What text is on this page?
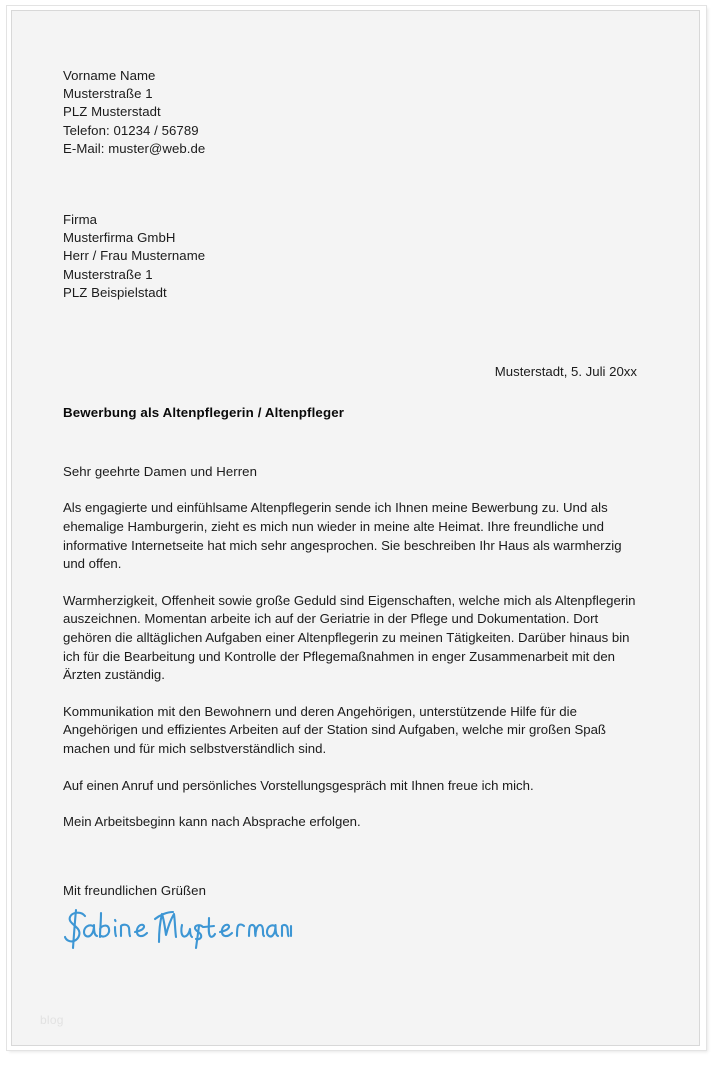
Vorname Name
Musterstraße 1
PLZ Musterstadt
Telefon: 01234 / 56789
E-Mail: muster@web.de
Firma
Musterfirma GmbH
Herr / Frau Mustername
Musterstraße 1
PLZ Beispielstadt
Musterstadt, 5. Juli 20xx
Bewerbung als Altenpflegerin / Altenpfleger
Sehr geehrte Damen und Herren
Als engagierte und einfühlsame Altenpflegerin sende ich Ihnen meine Bewerbung zu. Und als ehemalige Hamburgerin, zieht es mich nun wieder in meine alte Heimat. Ihre freundliche und informative Internetseite hat mich sehr angesprochen. Sie beschreiben Ihr Haus als warmherzig und offen.
Warmherzigkeit, Offenheit sowie große Geduld sind Eigenschaften, welche mich als Altenpflegerin auszeichnen. Momentan arbeite ich auf der Geriatrie in der Pflege und Dokumentation. Dort gehören die alltäglichen Aufgaben einer Altenpflegerin zu meinen Tätigkeiten. Darüber hinaus bin ich für die Bearbeitung und Kontrolle der Pflegemaßnahmen in enger Zusammenarbeit mit den Ärzten zuständig.
Kommunikation mit den Bewohnern und deren Angehörigen, unterstützende Hilfe für die Angehörigen und effizientes Arbeiten auf der Station sind Aufgaben, welche mir großen Spaß machen und für mich selbstverständlich sind.
Auf einen Anruf und persönliches Vorstellungsgespräch mit Ihnen freue ich mich.
Mein Arbeitsbeginn kann nach Absprache erfolgen.
Mit freundlichen Grüßen
blog
